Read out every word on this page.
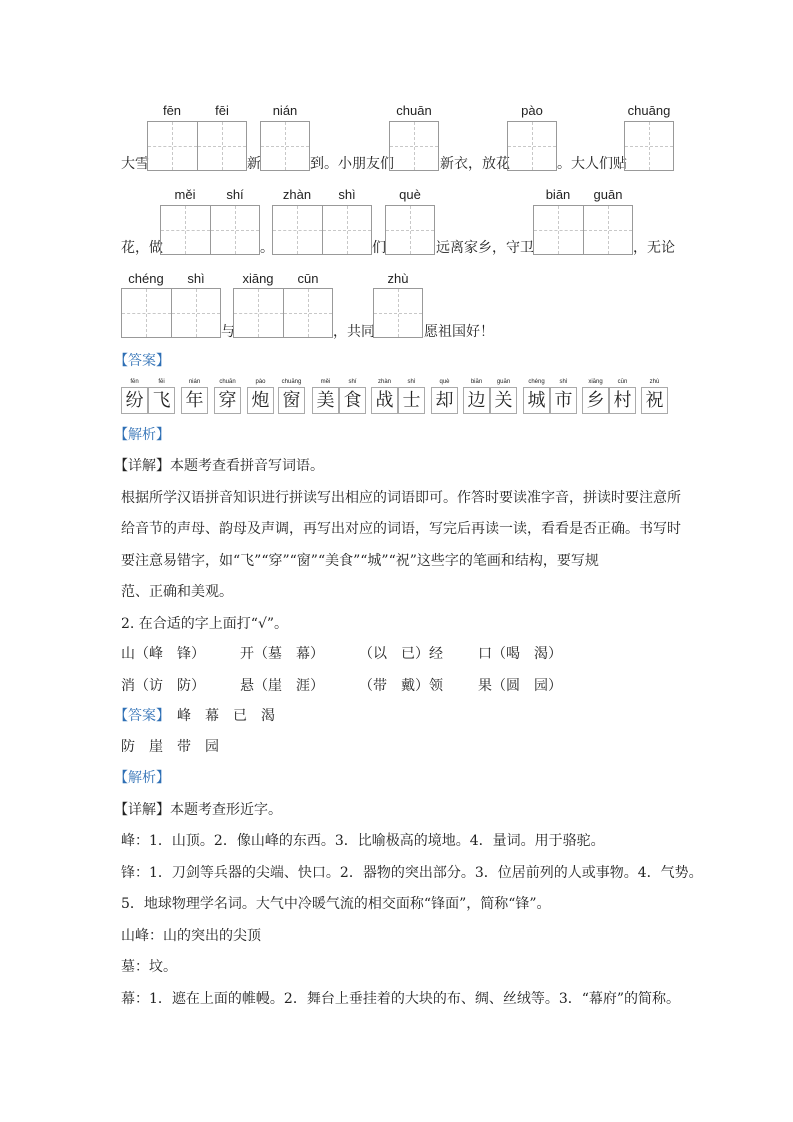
fēn	fēi	nián	chuān	pào	chuāng
大雪	新	到。小朋友们	新衣，放花	。大人们贴
měi	shí	zhàn	shì	què	biān	guān
花，做	。	们	远离家乡，守卫	，无论
chéng	shì	xiāng	cūn	zhù
与	，共同	愿祖国好！
【答案】
fēn
纷
fēi
飞
nián
年
chuān
穿
pào
炮
chuāng
窗
měi
美
shí
食
zhàn
战
shì
士
què
却
biān
边
guān
关
chéng
城
shì
市
xiāng
乡
cūn
村
zhù
祝
【解析】
【详解】本题考查看拼音写词语。
根据所学汉语拼音知识进行拼读写出相应的词语即可。作答时要读准字音，拼读时要注意所
给音节的声母、韵母及声调，再写出对应的词语，写完后再读一读，看看是否正确。书写时
要注意易错字，如“飞”“穿”“窗”“美食”“城”“祝”这些字的笔画和结构，要写规
范、正确和美观。
2. 在合适的字上面打“√”。
山（峰　锋）	开（墓　幕）	（以　已）经	口（喝　渴）
消（访　防）	悬（崖　涯）	（带　戴）领	果（圆　园）
【答案】 峰　幕　已　渴
防　崖　带　园
【解析】
【详解】本题考查形近字。
峰：1．山顶。2．像山峰的东西。3．比喻极高的境地。4．量词。用于骆驼。
锋：1．刀剑等兵器的尖端、快口。2．器物的突出部分。3．位居前列的人或事物。4．气势。
5．地球物理学名词。大气中冷暖气流的相交面称“锋面”，简称“锋”。
山峰：山的突出的尖顶
墓：坟。
幕：1．遮在上面的帷幔。2．舞台上垂挂着的大块的布、绸、丝绒等。3．“幕府”的简称。
